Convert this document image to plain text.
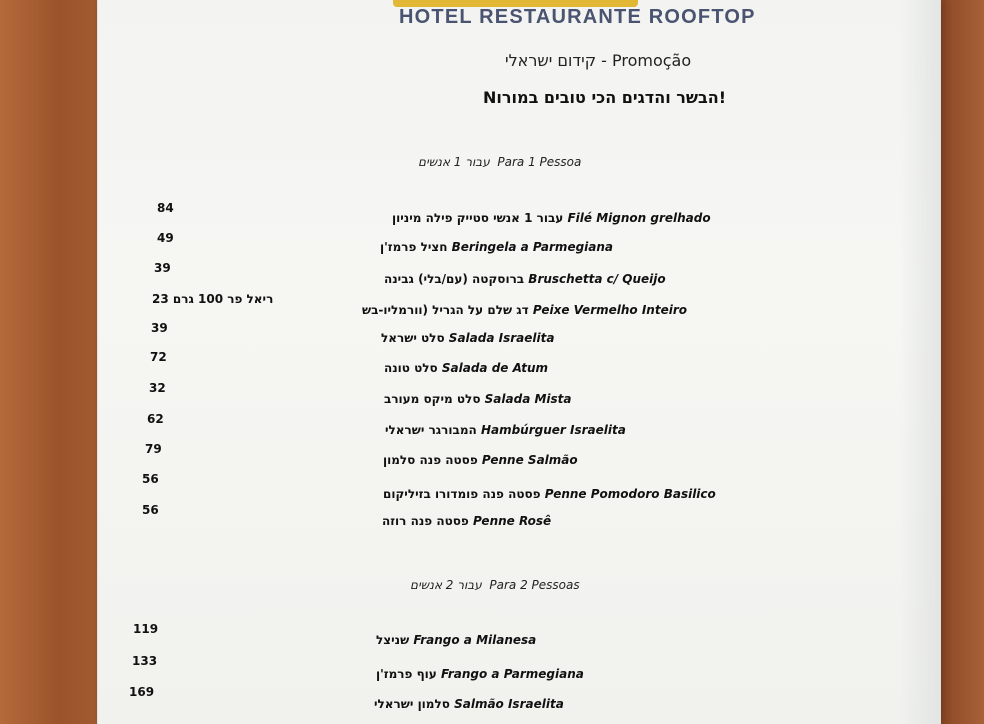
HOTEL RESTAURANTE ROOFTOP
קידום ישראלי - Promoção
Nהבשר והדגים הכי טובים במורו!
עבור 1 אנשים Para 1 Pessoa
84
עבור 1 אנשי סטייק פילה מיניון Filé Mignon grelhado
49
חציל פרמז'ן Beringela a Parmegiana
39
ברוסקטה (עם/בלי) גבינה Bruschetta c/ Queijo
ריאל פר 100 גרם 23
דג שלם על הגריל (וורמליו-בש Peixe Vermelho Inteiro
39
סלט ישראל Salada Israelita
72
סלט טונה Salada de Atum
32
סלט מיקס מעורב Salada Mista
62
המבורגר ישראלי Hambúrguer Israelita
79
פסטה פנה סלמון Penne Salmão
56
פסטה פנה פומדורו בזיליקום Penne Pomodoro Basilico
56
פסטה פנה רוזה Penne Rosê
עבור 2 אנשים Para 2 Pessoas
119
שניצל Frango a Milanesa
133
עוף פרמז'ן Frango a Parmegiana
169
סלמון ישראלי Salmão Israelita
